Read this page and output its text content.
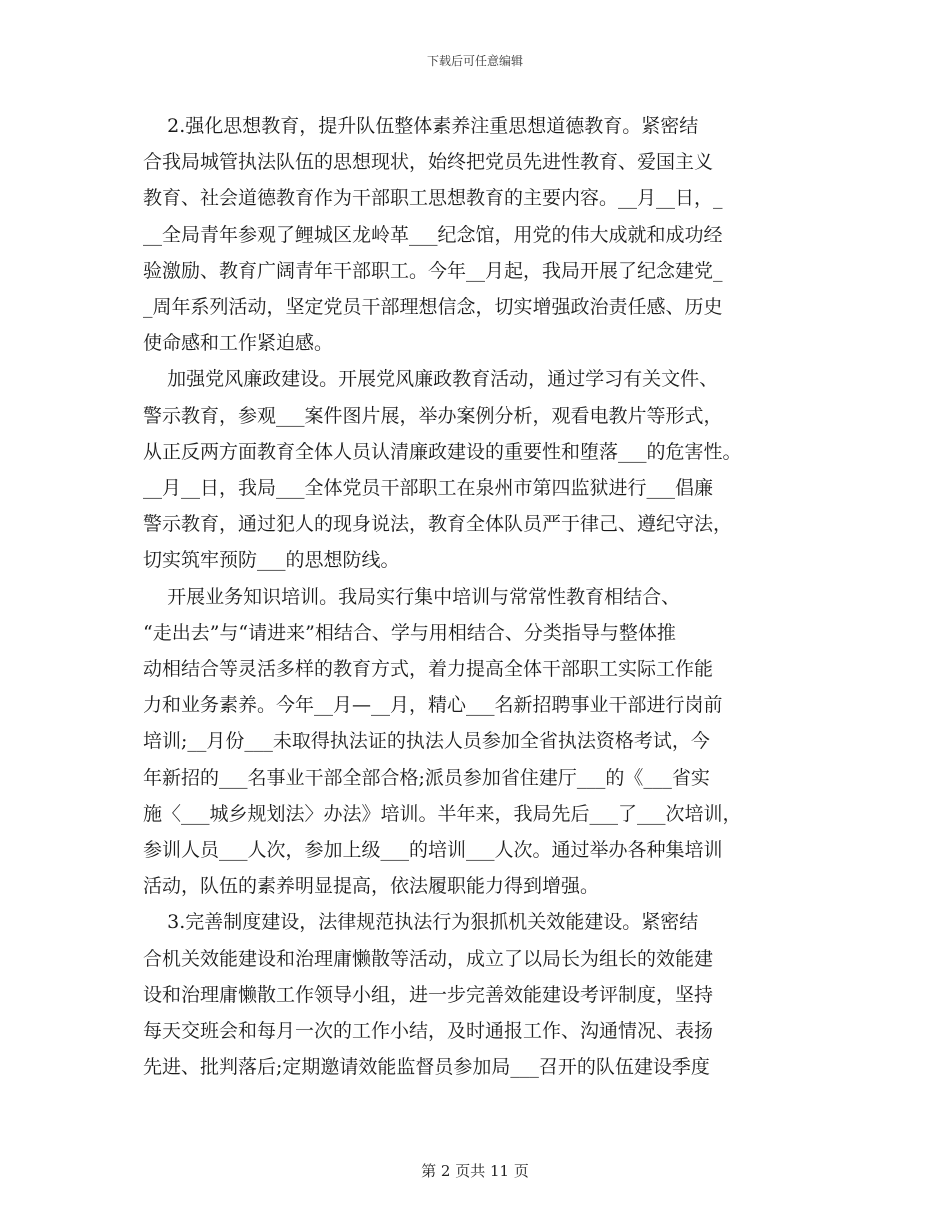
下载后可任意编辑
2.强化思想教育，提升队伍整体素养注重思想道德教育。紧密结
合我局城管执法队伍的思想现状，始终把党员先进性教育、爱国主义
教育、社会道德教育作为干部职工思想教育的主要内容。__月__日，_
__全局青年参观了鲤城区龙岭革___纪念馆，用党的伟大成就和成功经
验激励、教育广阔青年干部职工。今年__月起，我局开展了纪念建党_
_周年系列活动，坚定党员干部理想信念，切实增强政治责任感、历史
使命感和工作紧迫感。
加强党风廉政建设。开展党风廉政教育活动，通过学习有关文件、
警示教育，参观___案件图片展，举办案例分析，观看电教片等形式，
从正反两方面教育全体人员认清廉政建设的重要性和堕落___的危害性。
__月__日，我局___全体党员干部职工在泉州市第四监狱进行___倡廉
警示教育，通过犯人的现身说法，教育全体队员严于律己、遵纪守法，
切实筑牢预防___的思想防线。
开展业务知识培训。我局实行集中培训与常常性教育相结合、
“走出去”与“请进来”相结合、学与用相结合、分类指导与整体推
动相结合等灵活多样的教育方式，着力提高全体干部职工实际工作能
力和业务素养。今年__月—__月，精心___名新招聘事业干部进行岗前
培训;__月份___未取得执法证的执法人员参加全省执法资格考试，今
年新招的___名事业干部全部合格;派员参加省住建厅___的《___省实
施〈___城乡规划法〉办法》培训。半年来，我局先后___了___次培训，
参训人员___人次，参加上级___的培训___人次。通过举办各种集培训
活动，队伍的素养明显提高，依法履职能力得到增强。
3.完善制度建设，法律规范执法行为狠抓机关效能建设。紧密结
合机关效能建设和治理庸懒散等活动，成立了以局长为组长的效能建
设和治理庸懒散工作领导小组，进一步完善效能建设考评制度，坚持
每天交班会和每月一次的工作小结，及时通报工作、沟通情况、表扬
先进、批判落后;定期邀请效能监督员参加局___召开的队伍建设季度
第 2 页共 11 页
